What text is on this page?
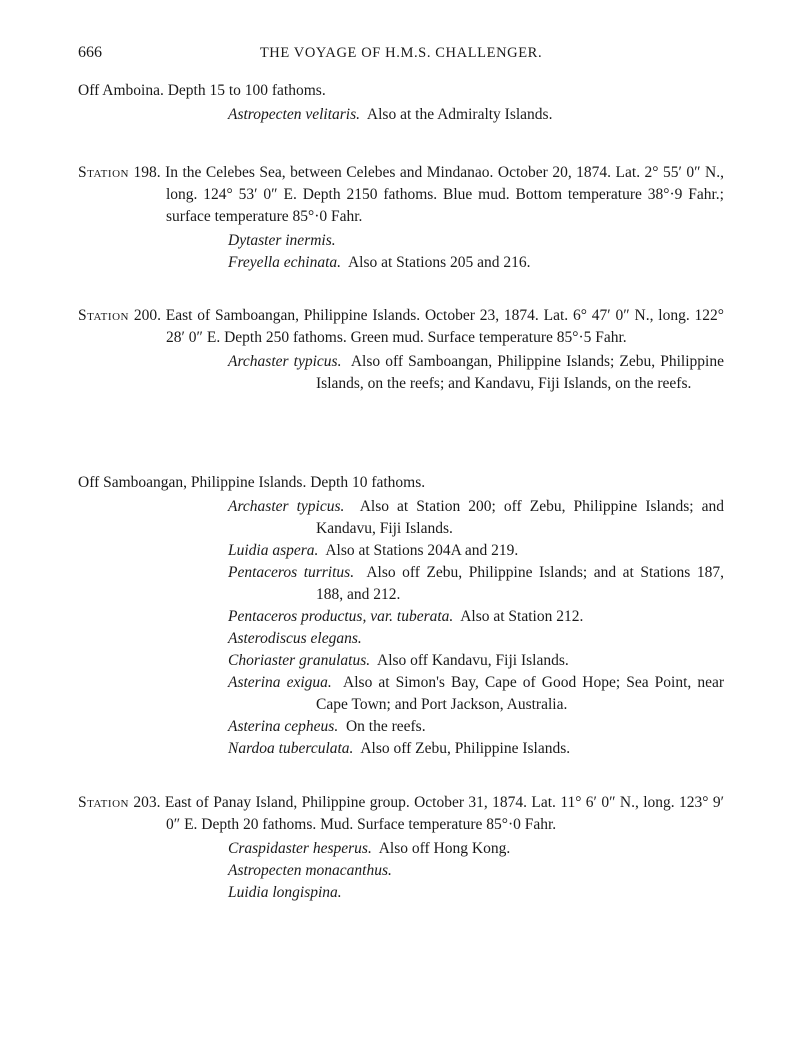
666	THE VOYAGE OF H.M.S. CHALLENGER.

Off Amboina. Depth 15 to 100 fathoms.

Astropecten velitaris. Also at the Admiralty Islands.

Station 198. In the Celebes Sea, between Celebes and Mindanao. October 20, 1874. Lat. 2° 55′ 0″ N., long. 124° 53′ 0″ E. Depth 2150 fathoms. Blue mud. Bottom temperature 38°·9 Fahr.; surface temperature 85°·0 Fahr.

Dytaster inermis.

Freyella echinata. Also at Stations 205 and 216.

Station 200. East of Samboangan, Philippine Islands. October 23, 1874. Lat. 6° 47′ 0″ N., long. 122° 28′ 0″ E. Depth 250 fathoms. Green mud. Surface temperature 85°·5 Fahr.

Archaster typicus. Also off Samboangan, Philippine Islands; Zebu, Philippine Islands, on the reefs; and Kandavu, Fiji Islands, on the reefs.

Off Samboangan, Philippine Islands. Depth 10 fathoms.

Archaster typicus. Also at Station 200; off Zebu, Philippine Islands; and Kandavu, Fiji Islands.

Luidia aspera. Also at Stations 204A and 219.

Pentaceros turritus. Also off Zebu, Philippine Islands; and at Stations 187, 188, and 212.

Pentaceros productus, var. tuberata. Also at Station 212.

Asterodiscus elegans.

Choriaster granulatus. Also off Kandavu, Fiji Islands.

Asterina exigua. Also at Simon's Bay, Cape of Good Hope; Sea Point, near Cape Town; and Port Jackson, Australia.

Asterina cepheus. On the reefs.

Nardoa tuberculata. Also off Zebu, Philippine Islands.

Station 203. East of Panay Island, Philippine group. October 31, 1874. Lat. 11° 6′ 0″ N., long. 123° 9′ 0″ E. Depth 20 fathoms. Mud. Surface temperature 85°·0 Fahr.

Craspidaster hesperus. Also off Hong Kong.

Astropecten monacanthus.

Luidia longispina.
